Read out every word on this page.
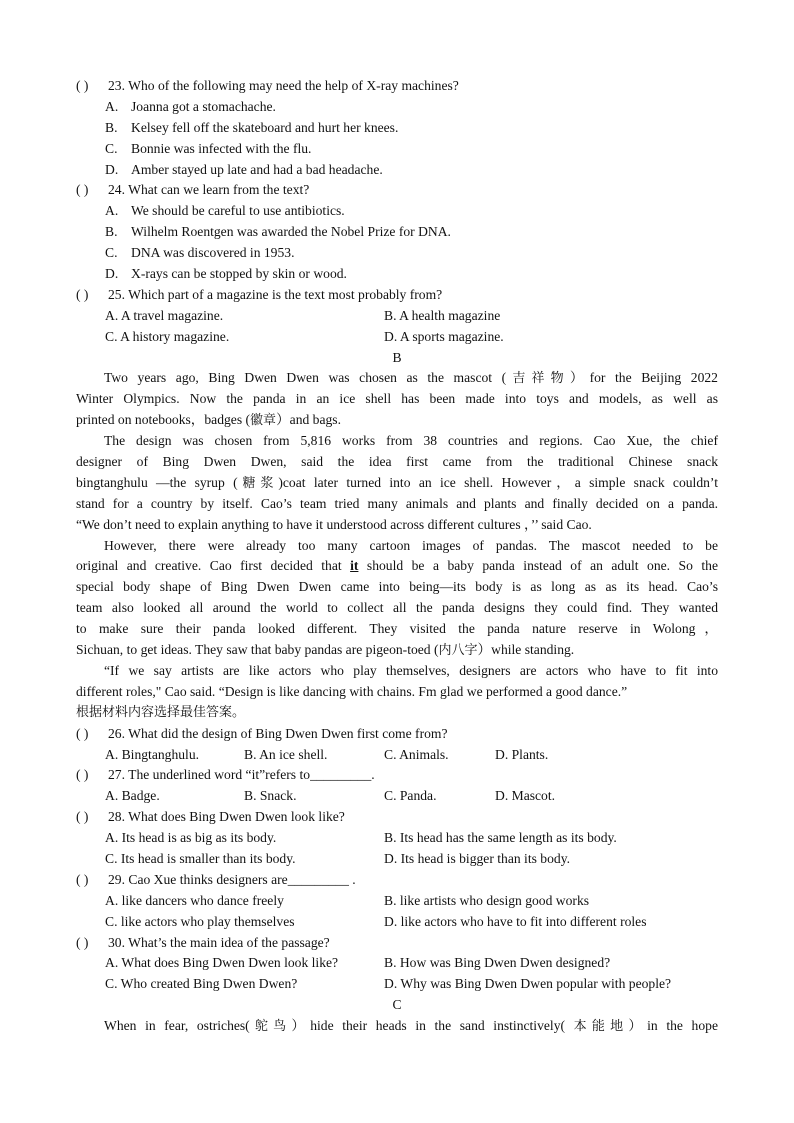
( ) 23. Who of the following may need the help of X-ray machines?
A. Joanna got a stomachache.
B. Kelsey fell off the skateboard and hurt her knees.
C. Bonnie was infected with the flu.
D. Amber stayed up late and had a bad headache.
( ) 24. What can we learn from the text?
A. We should be careful to use antibiotics.
B. Wilhelm Roentgen was awarded the Nobel Prize for DNA.
C. DNA was discovered in 1953.
D. X-rays can be stopped by skin or wood.
( ) 25. Which part of a magazine is the text most probably from?
A. A travel magazine.	B. A health magazine
C. A history magazine.	D. A sports magazine.
B
Two years ago, Bing Dwen Dwen was chosen as the mascot (吉祥物）for the Beijing 2022
Winter Olympics. Now the panda in an ice shell has been made into toys and models, as well as
printed on notebooks，badges (徽章）and bags.
The design was chosen from 5,816 works from 38 countries and regions. Cao Xue, the chief
designer of Bing Dwen Dwen, said the idea first came from the traditional Chinese snack
bingtanghulu —the syrup (糖浆)coat later turned into an ice shell. However，a simple snack couldn’t
stand for a country by itself. Cao’s team tried many animals and plants and finally decided on a panda.
“We don’t need to explain anything to have it understood across different cultures ，’’ said Cao.
However, there were already too many cartoon images of pandas. The mascot needed to be
original and creative. Cao first decided that it should be a baby panda instead of an adult one. So the
special body shape of Bing Dwen Dwen came into being—its body is as long as as its head. Cao’s
team also looked all around the world to collect all the panda designs they could find. They wanted
to make sure their panda looked different. They visited the panda nature reserve in Wolong，
Sichuan, to get ideas. They saw that baby pandas are pigeon-toed (内八字）while standing.
“If we say artists are like actors who play themselves, designers are actors who have to fit into
different roles," Cao said. “Design is like dancing with chains. Fm glad we performed a good dance.”
根据材料内容选择最佳答案。
( ) 26. What did the design of Bing Dwen Dwen first come from?
A. Bingtanghulu.	B. An ice shell.	C. Animals.	D. Plants.
( ) 27. The underlined word “it”refers to_________.
A. Badge.	B. Snack.	C. Panda.	D. Mascot.
( ) 28. What does Bing Dwen Dwen look like?
A. Its head is as big as its body.	B. Its head has the same length as its body.
C. Its head is smaller than its body.	D. Its head is bigger than its body.
( ) 29. Cao Xue thinks designers are_________ .
A. like dancers who dance freely	B. like artists who design good works
C. like actors who play themselves	D. like actors who have to fit into different roles
( ) 30. What’s the main idea of the passage?
A. What does Bing Dwen Dwen look like?	B. How was Bing Dwen Dwen designed?
C. Who created Bing Dwen Dwen?	D. Why was Bing Dwen Dwen popular with people?
C
When in fear, ostriches(鸵鸟）hide their heads in the sand instinctively( 本能地）in the hope
